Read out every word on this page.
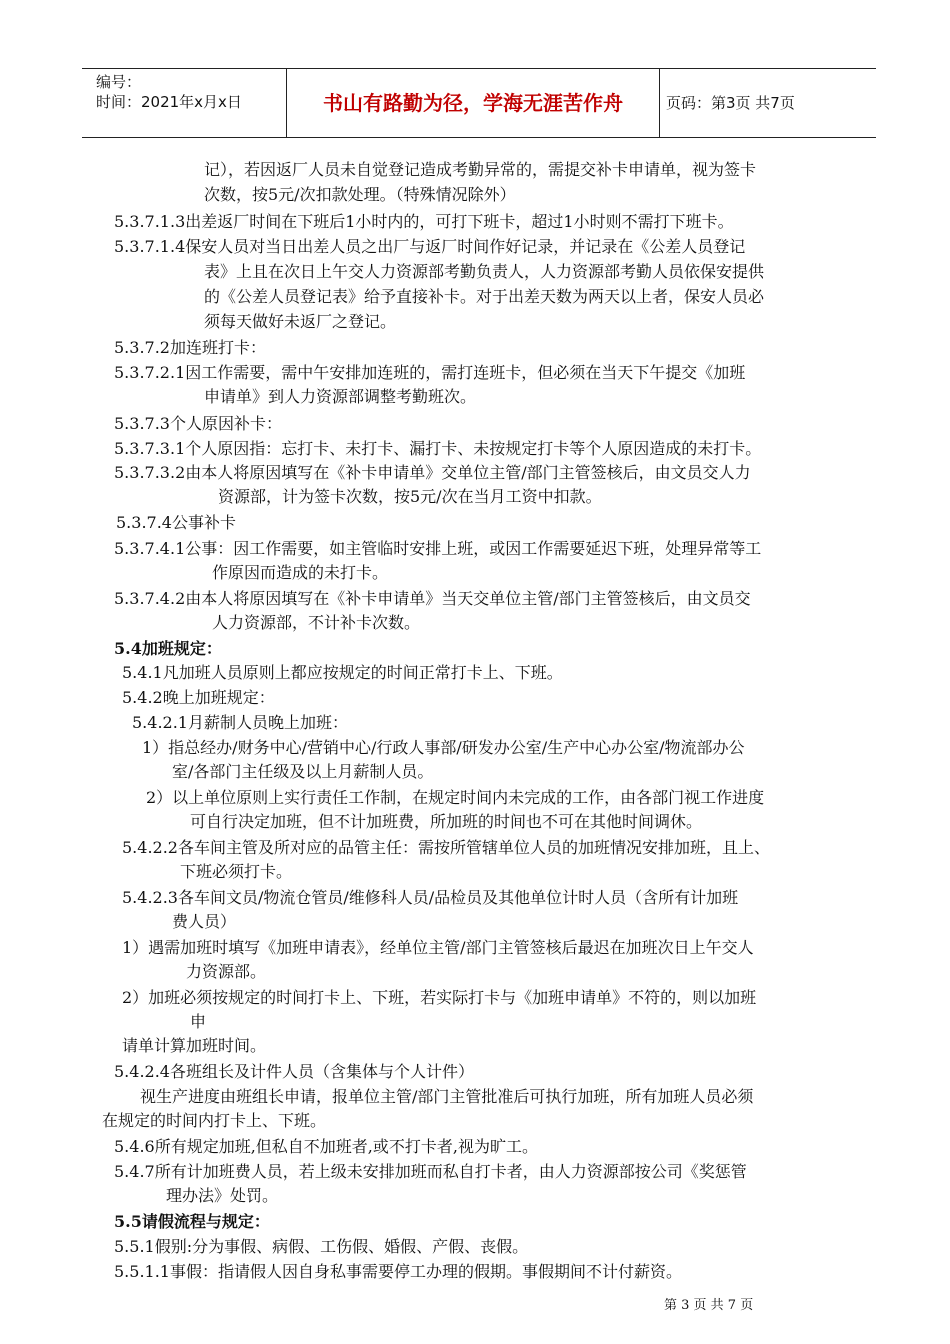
编号：
时间：2021年x月x日	书山有路勤为径，学海无涯苦作舟	页码：第3页 共7页
记），若因返厂人员未自觉登记造成考勤异常的，需提交补卡申请单，视为签卡
次数，按5元/次扣款处理。（特殊情况除外）
5.3.7.1.3出差返厂时间在下班后1小时内的，可打下班卡，超过1小时则不需打下班卡。
5.3.7.1.4保安人员对当日出差人员之出厂与返厂时间作好记录，并记录在《公差人员登记
表》上且在次日上午交人力资源部考勤负责人，人力资源部考勤人员依保安提供
的《公差人员登记表》给予直接补卡。对于出差天数为两天以上者，保安人员必
须每天做好未返厂之登记。
5.3.7.2加连班打卡：
5.3.7.2.1因工作需要，需中午安排加连班的，需打连班卡，但必须在当天下午提交《加班
申请单》到人力资源部调整考勤班次。
5.3.7.3个人原因补卡：
5.3.7.3.1个人原因指：忘打卡、未打卡、漏打卡、未按规定打卡等个人原因造成的未打卡。
5.3.7.3.2由本人将原因填写在《补卡申请单》交单位主管/部门主管签核后，由文员交人力
资源部，计为签卡次数，按5元/次在当月工资中扣款。
5.3.7.4公事补卡
5.3.7.4.1公事：因工作需要，如主管临时安排上班，或因工作需要延迟下班，处理异常等工
作原因而造成的未打卡。
5.3.7.4.2由本人将原因填写在《补卡申请单》当天交单位主管/部门主管签核后，由文员交
人力资源部，不计补卡次数。
5.4加班规定：
5.4.1凡加班人员原则上都应按规定的时间正常打卡上、下班。
5.4.2晚上加班规定：
5.4.2.1月薪制人员晚上加班：
1）指总经办/财务中心/营销中心/行政人事部/研发办公室/生产中心办公室/物流部办公
室/各部门主任级及以上月薪制人员。
2）以上单位原则上实行责任工作制，在规定时间内未完成的工作，由各部门视工作进度
可自行决定加班，但不计加班费，所加班的时间也不可在其他时间调休。
5.4.2.2各车间主管及所对应的品管主任：需按所管辖单位人员的加班情况安排加班，且上、
下班必须打卡。
5.4.2.3各车间文员/物流仓管员/维修科人员/品检员及其他单位计时人员（含所有计加班
费人员）
1）遇需加班时填写《加班申请表》，经单位主管/部门主管签核后最迟在加班次日上午交人
力资源部。
2）加班必须按规定的时间打卡上、下班，若实际打卡与《加班申请单》不符的，则以加班
申
请单计算加班时间。
5.4.2.4各班组长及计件人员（含集体与个人计件）
视生产进度由班组长申请，报单位主管/部门主管批准后可执行加班，所有加班人员必须
在规定的时间内打卡上、下班。
5.4.6所有规定加班,但私自不加班者,或不打卡者,视为旷工。
5.4.7所有计加班费人员，若上级未安排加班而私自打卡者，由人力资源部按公司《奖惩管
理办法》处罚。
5.5请假流程与规定：
5.5.1假别:分为事假、病假、工伤假、婚假、产假、丧假。
5.5.1.1事假：指请假人因自身私事需要停工办理的假期。事假期间不计付薪资。
第 3 页 共 7 页
